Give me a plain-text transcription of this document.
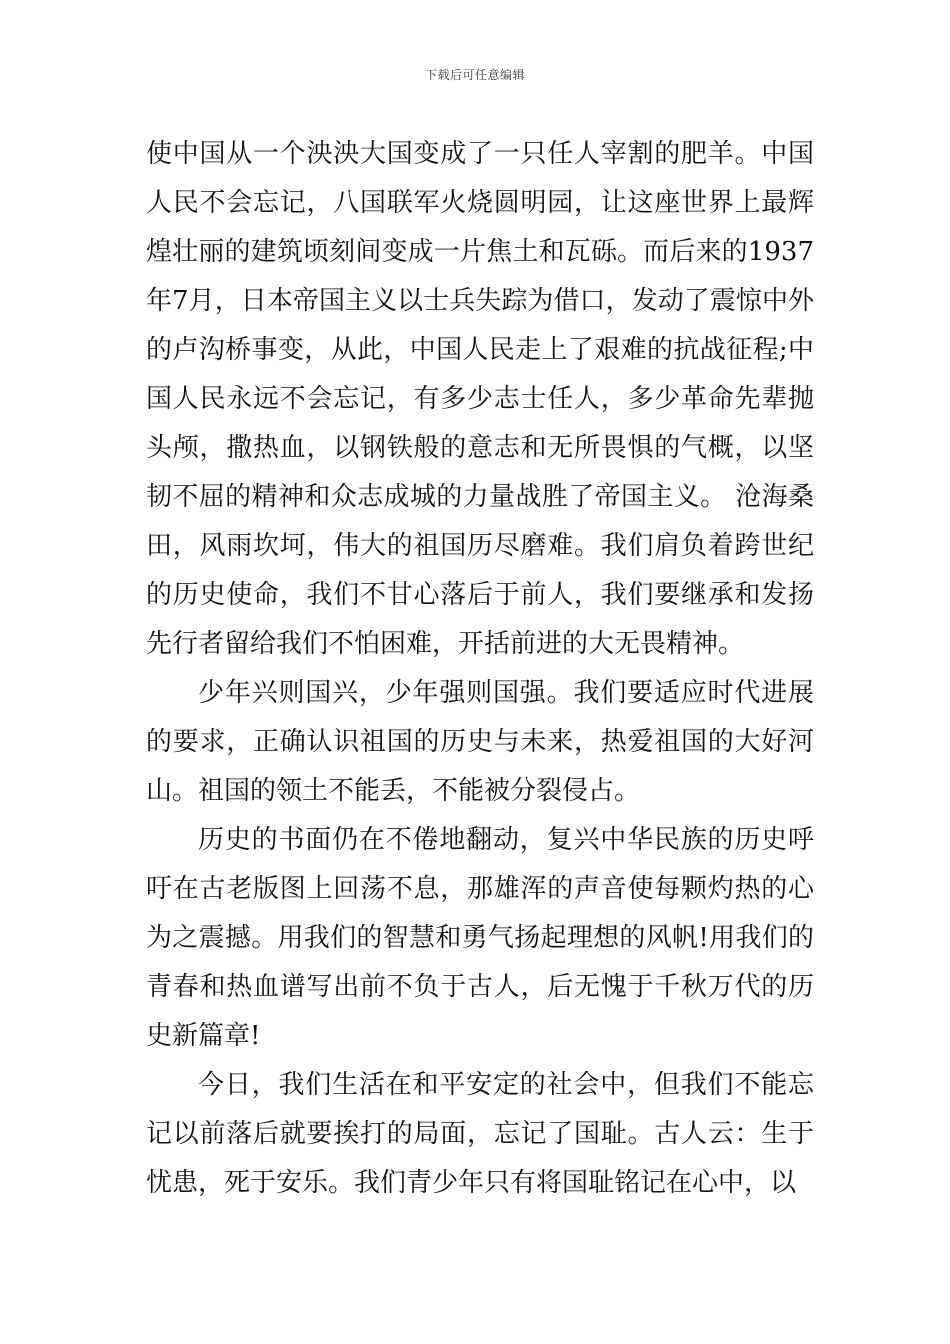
下载后可任意编辑

使中国从一个泱泱大国变成了一只任人宰割的肥羊。中国人民不会忘记，八国联军火烧圆明园，让这座世界上最辉煌壮丽的建筑顷刻间变成一片焦土和瓦砾。而后来的1937年7月，日本帝国主义以士兵失踪为借口，发动了震惊中外的卢沟桥事变，从此，中国人民走上了艰难的抗战征程;中国人民永远不会忘记，有多少志士任人，多少革命先辈抛头颅，撒热血，以钢铁般的意志和无所畏惧的气概，以坚韧不屈的精神和众志成城的力量战胜了帝国主义。 沧海桑田，风雨坎坷，伟大的祖国历尽磨难。我们肩负着跨世纪的历史使命，我们不甘心落后于前人，我们要继承和发扬先行者留给我们不怕困难，开括前进的大无畏精神。

少年兴则国兴，少年强则国强。我们要适应时代进展的要求，正确认识祖国的历史与未来，热爱祖国的大好河山。祖国的领土不能丢，不能被分裂侵占。

历史的书面仍在不倦地翻动，复兴中华民族的历史呼吁在古老版图上回荡不息，那雄浑的声音使每颗灼热的心为之震撼。用我们的智慧和勇气扬起理想的风帆!用我们的青春和热血谱写出前不负于古人，后无愧于千秋万代的历史新篇章!

今日，我们生活在和平安定的社会中，但我们不能忘记以前落后就要挨打的局面，忘记了国耻。古人云：生于忧患，死于安乐。我们青少年只有将国耻铭记在心中，以
